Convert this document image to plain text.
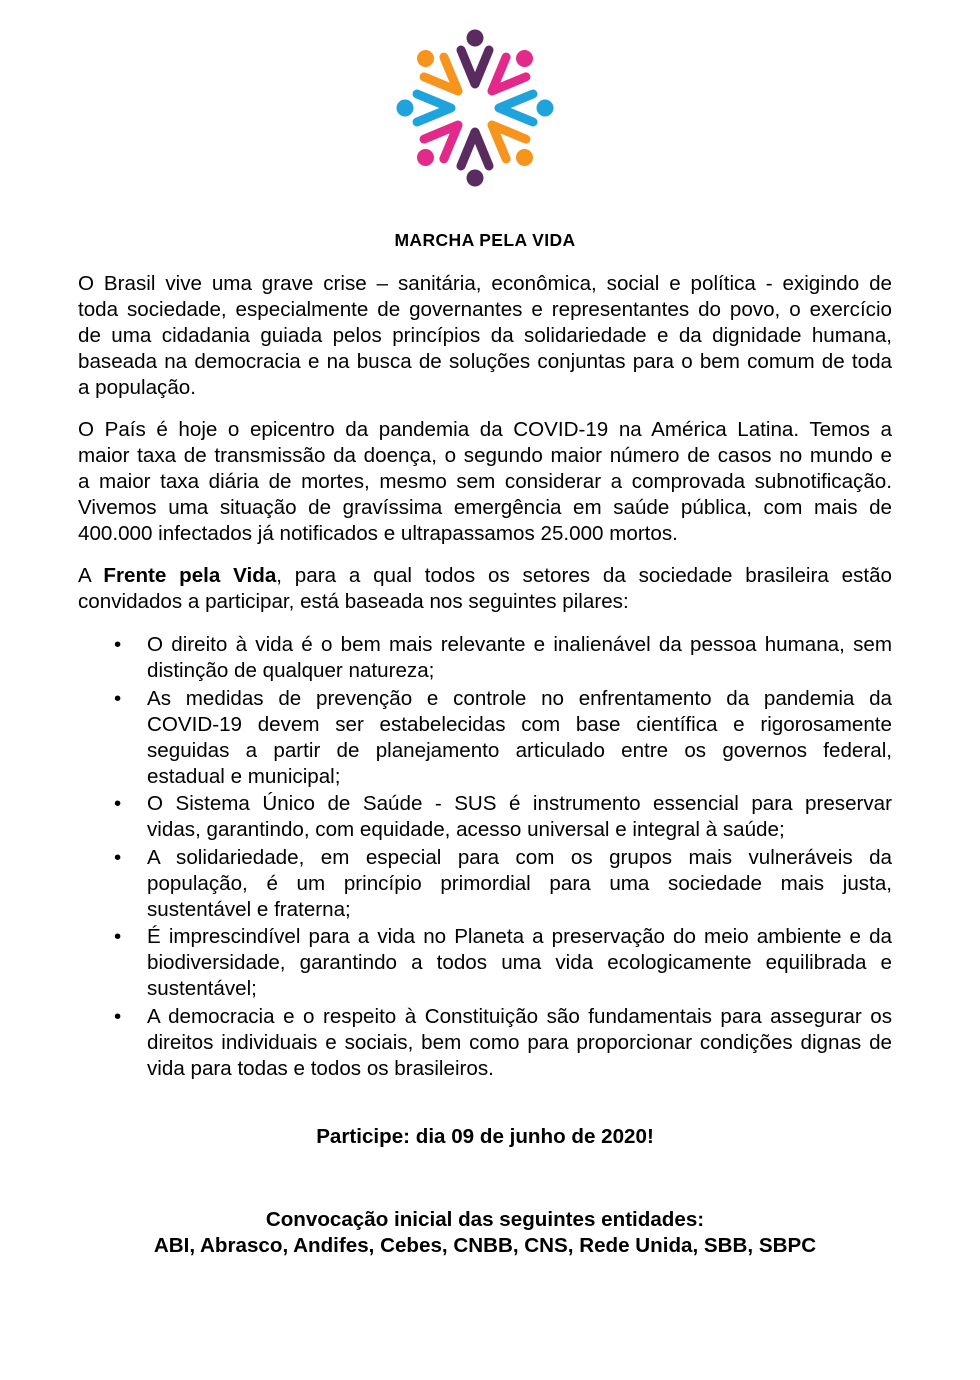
MARCHA PELA VIDA
O Brasil vive uma grave crise – sanitária, econômica, social e política - exigindo de
toda sociedade, especialmente de governantes e representantes do povo, o exercício
de uma cidadania guiada pelos princípios da solidariedade e da dignidade humana,
baseada na democracia e na busca de soluções conjuntas para o bem comum de toda
a população.
O País é hoje o epicentro da pandemia da COVID-19 na América Latina. Temos a
maior taxa de transmissão da doença, o segundo maior número de casos no mundo e
a maior taxa diária de mortes, mesmo sem considerar a comprovada subnotificação.
Vivemos uma situação de gravíssima emergência em saúde pública, com mais de
400.000 infectados já notificados e ultrapassamos 25.000 mortos.
A Frente pela Vida, para a qual todos os setores da sociedade brasileira estão
convidados a participar, está baseada nos seguintes pilares:
•
O direito à vida é o bem mais relevante e inalienável da pessoa humana, sem
distinção de qualquer natureza;
•
As medidas de prevenção e controle no enfrentamento da pandemia da
COVID-19 devem ser estabelecidas com base científica e rigorosamente
seguidas a partir de planejamento articulado entre os governos federal,
estadual e municipal;
•
O Sistema Único de Saúde - SUS é instrumento essencial para preservar
vidas, garantindo, com equidade, acesso universal e integral à saúde;
•
A solidariedade, em especial para com os grupos mais vulneráveis da
população, é um princípio primordial para uma sociedade mais justa,
sustentável e fraterna;
•
É imprescindível para a vida no Planeta a preservação do meio ambiente e da
biodiversidade, garantindo a todos uma vida ecologicamente equilibrada e
sustentável;
•
A democracia e o respeito à Constituição são fundamentais para assegurar os
direitos individuais e sociais, bem como para proporcionar condições dignas de
vida para todas e todos os brasileiros.
Participe: dia 09 de junho de 2020!
Convocação inicial das seguintes entidades:
ABI, Abrasco, Andifes, Cebes, CNBB, CNS, Rede Unida, SBB, SBPC
